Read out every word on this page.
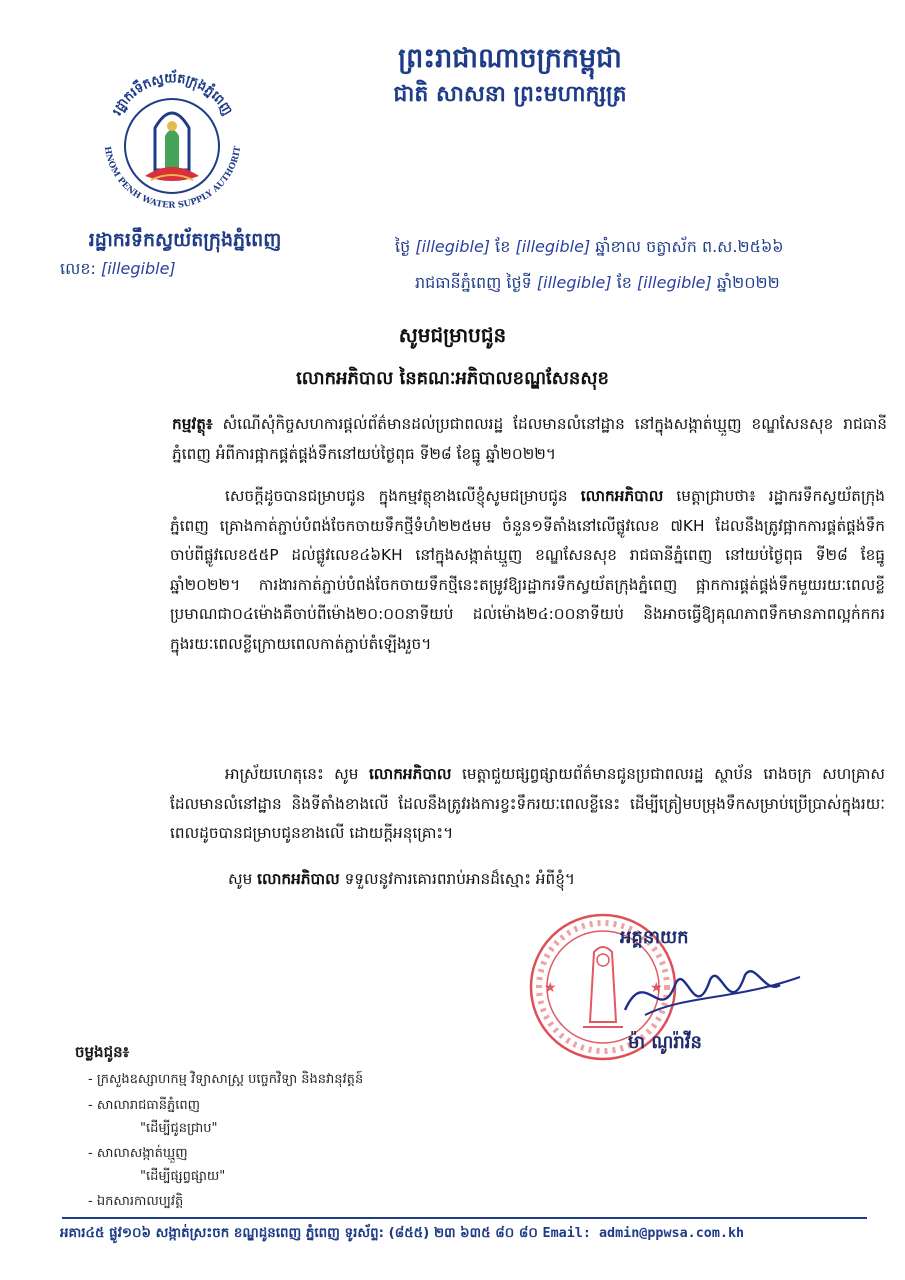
ព្រះរាជាណាចក្រកម្ពុជា
ជាតិ សាសនា ព្រះមហាក្សត្រ
រដ្ឋាករទឹកស្វយ័តក្រុងភ្នំពេញ
HNOM PENH WATER SUPPLY AUTHORIT
រដ្ឋាករទឹកស្វយ័តក្រុងភ្នំពេញ
លេខ: [illegible]
ថ្ងៃ [illegible] ខែ [illegible] ឆ្នាំខាល ចត្វាស័ក ព.ស.២៥៦៦
រាជធានីភ្នំពេញ ថ្ងៃទី [illegible] ខែ [illegible] ឆ្នាំ២០២២
សូមជម្រាបជូន
លោកអភិបាល នៃគណៈអភិបាលខណ្ឌសែនសុខ
កម្មវត្ថុ៖ សំណើសុំកិច្ចសហការផ្តល់ព័ត៌មានដល់ប្រជាពលរដ្ឋ ដែលមានលំនៅដ្ឋាន នៅក្នុងសង្កាត់ឃ្មួញ ខណ្ឌសែនសុខ រាជធានីភ្នំពេញ អំពីការផ្អាកផ្គត់ផ្គង់ទឹកនៅយប់ថ្ងៃពុធ ទី២៨ ខែធ្នូ ឆ្នាំ២០២២។
សេចក្តីដូចបានជម្រាបជូន ក្នុងកម្មវត្ថុខាងលើខ្ញុំសូមជម្រាបជូន លោកអភិបាល មេត្តាជ្រាបថា៖ រដ្ឋាករទឹកស្វយ័តក្រុងភ្នំពេញ គ្រោងកាត់ភ្ជាប់បំពង់ចែកចាយទឹកថ្មីទំហំ២២៥មម ចំនួន១ទីតាំងនៅលើផ្លូវលេខ ៧KH ដែលនឹងត្រូវផ្អាកការផ្គត់ផ្គង់ទឹកចាប់ពីផ្លូវលេខ៥៥P ដល់ផ្លូវលេខ៤៦KH នៅក្នុងសង្កាត់ឃ្មួញ ខណ្ឌសែនសុខ រាជធានីភ្នំពេញ នៅយប់ថ្ងៃពុធ ទី២៨ ខែធ្នូ ឆ្នាំ២០២២។ ការងារកាត់ភ្ជាប់បំពង់ចែកចាយទឹកថ្មីនេះតម្រូវឱ្យរដ្ឋាករទឹកស្វយ័តក្រុងភ្នំពេញ ផ្អាកការផ្គត់ផ្គង់ទឹកមួយរយៈពេលខ្លីប្រមាណជា០៤ម៉ោងគឺចាប់ពីម៉ោង២០:០០នាទីយប់ ដល់ម៉ោង២៤:០០នាទីយប់ និងអាចធ្វើឱ្យគុណភាពទឹកមានភាពល្អក់កករក្នុងរយៈពេលខ្លីក្រោយពេលកាត់ភ្ជាប់តំឡើងរួច។
អាស្រ័យហេតុនេះ សូម លោកអភិបាល មេត្តាជួយផ្សព្វផ្សាយព័ត៌មានជូនប្រជាពលរដ្ឋ ស្ថាប័ន រោងចក្រ សហគ្រាស ដែលមានលំនៅដ្ឋាន និងទីតាំងខាងលើ ដែលនឹងត្រូវរងការខ្វះទឹករយៈពេលខ្លីនេះ ដើម្បីត្រៀមបម្រុងទឹកសម្រាប់ប្រើប្រាស់ក្នុងរយៈពេលដូចបានជម្រាបជូនខាងលើ ដោយក្តីអនុគ្រោះ។
សូម លោកអភិបាល ទទួលនូវការគោរពរាប់អានដ៏ស្មោះ អំពីខ្ញុំ។
★	★
អគ្គនាយក
ម៉ា ណូរ៉ាវីន
ចម្លងជូន៖
- ក្រសួងឧស្សាហកម្ម វិទ្យាសាស្ត្រ បច្ចេកវិទ្យា និងនវានុវត្តន៍
- សាលារាជធានីភ្នំពេញ
"ដើម្បីជូនជ្រាប"
- សាលាសង្កាត់ឃ្មួញ
"ដើម្បីផ្សព្វផ្សាយ"
- ឯកសារកាលប្បវត្តិ
អគារ៤៥ ផ្លូវ១០៦ សង្កាត់ស្រះចក ខណ្ឌដូនពេញ ភ្នំពេញ ទូរស័ព្ទ: (៨៥៥) ២៣ ៦៣៥ ៨០ ៨០ Email: admin@ppwsa.com.kh
